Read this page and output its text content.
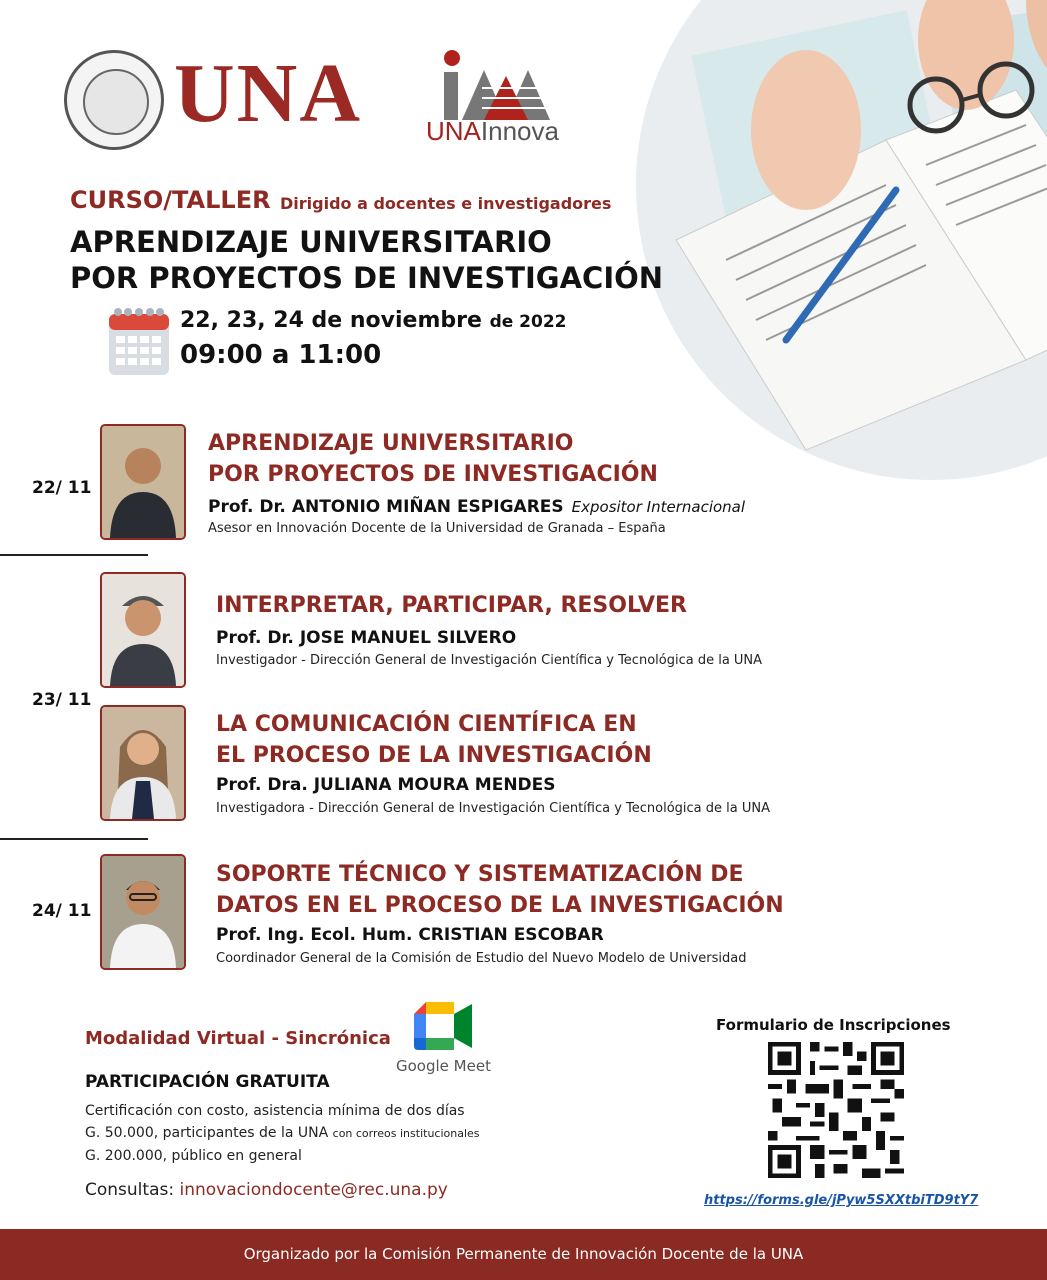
UNA UNAInnova
CURSO/TALLER Dirigido a docentes e investigadores
APRENDIZAJE UNIVERSITARIO
POR PROYECTOS DE INVESTIGACIÓN
22, 23, 24 de noviembre de 2022
09:00 a 11:00
22/ 11
APRENDIZAJE UNIVERSITARIO
POR PROYECTOS DE INVESTIGACIÓN
Prof. Dr. ANTONIO MIÑAN ESPIGARES Expositor Internacional
Asesor en Innovación Docente de la Universidad de Granada – España
23/ 11
INTERPRETAR, PARTICIPAR, RESOLVER
Prof. Dr. JOSE MANUEL SILVERO
Investigador - Dirección General de Investigación Científica y Tecnológica de la UNA
LA COMUNICACIÓN CIENTÍFICA EN
EL PROCESO DE LA INVESTIGACIÓN
Prof. Dra. JULIANA MOURA MENDES
Investigadora - Dirección General de Investigación Científica y Tecnológica de la UNA
24/ 11
SOPORTE TÉCNICO Y SISTEMATIZACIÓN DE
DATOS EN EL PROCESO DE LA INVESTIGACIÓN
Prof. Ing. Ecol. Hum. CRISTIAN ESCOBAR
Coordinador General de la Comisión de Estudio del Nuevo Modelo de Universidad
Modalidad Virtual - Sincrónica
Google Meet
PARTICIPACIÓN GRATUITA
Certificación con costo, asistencia mínima de dos días
G. 50.000, participantes de la UNA con correos institucionales
G. 200.000, público en general
Consultas: innovaciondocente@rec.una.py
Formulario de Inscripciones
https://forms.gle/jPyw5SXXtbiTD9tY7
Organizado por la Comisión Permanente de Innovación Docente de la UNA
